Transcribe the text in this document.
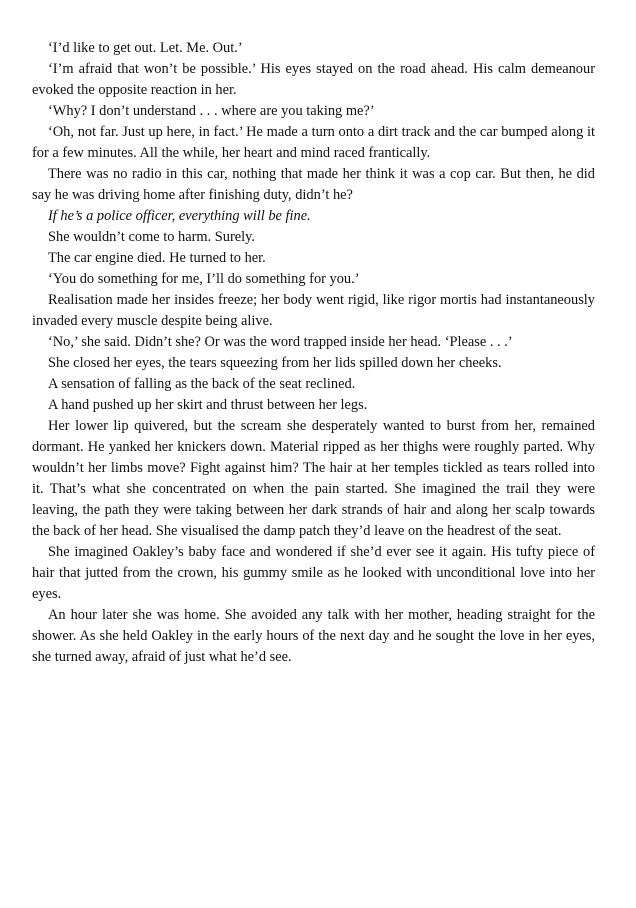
‘I’d like to get out. Let. Me. Out.’

‘I’m afraid that won’t be possible.’ His eyes stayed on the road ahead. His calm demeanour evoked the opposite reaction in her.

‘Why? I don’t understand . . . where are you taking me?’

‘Oh, not far. Just up here, in fact.’ He made a turn onto a dirt track and the car bumped along it for a few minutes. All the while, her heart and mind raced frantically.

There was no radio in this car, nothing that made her think it was a cop car. But then, he did say he was driving home after finishing duty, didn’t he?

If he’s a police officer, everything will be fine.

She wouldn’t come to harm. Surely.

The car engine died. He turned to her.

‘You do something for me, I’ll do something for you.’

Realisation made her insides freeze; her body went rigid, like rigor mortis had instantaneously invaded every muscle despite being alive.

‘No,’ she said. Didn’t she? Or was the word trapped inside her head. ‘Please . . .’

She closed her eyes, the tears squeezing from her lids spilled down her cheeks.

A sensation of falling as the back of the seat reclined.

A hand pushed up her skirt and thrust between her legs.

Her lower lip quivered, but the scream she desperately wanted to burst from her, remained dormant. He yanked her knickers down. Material ripped as her thighs were roughly parted. Why wouldn’t her limbs move? Fight against him? The hair at her temples tickled as tears rolled into it. That’s what she concentrated on when the pain started. She imagined the trail they were leaving, the path they were taking between her dark strands of hair and along her scalp towards the back of her head. She visualised the damp patch they’d leave on the headrest of the seat.

She imagined Oakley’s baby face and wondered if she’d ever see it again. His tufty piece of hair that jutted from the crown, his gummy smile as he looked with unconditional love into her eyes.

An hour later she was home. She avoided any talk with her mother, heading straight for the shower. As she held Oakley in the early hours of the next day and he sought the love in her eyes, she turned away, afraid of just what he’d see.
